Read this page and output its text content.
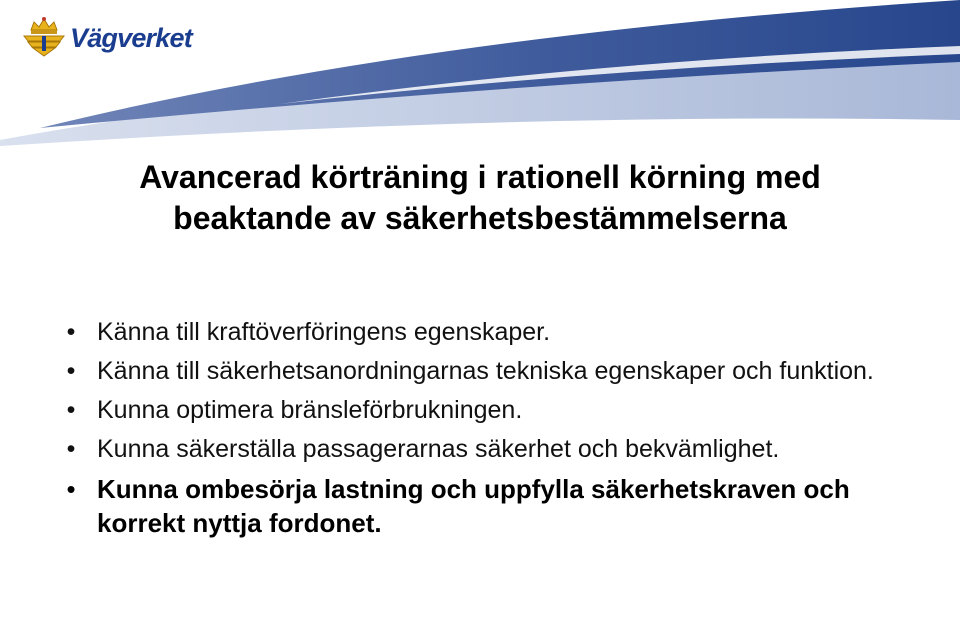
Vägverket
Avancerad körträning i rationell körning med
beaktande av säkerhetsbestämmelserna
• Känna till kraftöverföringens egenskaper.
• Känna till säkerhetsanordningarnas tekniska egenskaper och funktion.
• Kunna optimera bränsleförbrukningen.
• Kunna säkerställa passagerarnas säkerhet och bekvämlighet.
• Kunna ombesörja lastning och uppfylla säkerhetskraven och korrekt nyttja fordonet.
